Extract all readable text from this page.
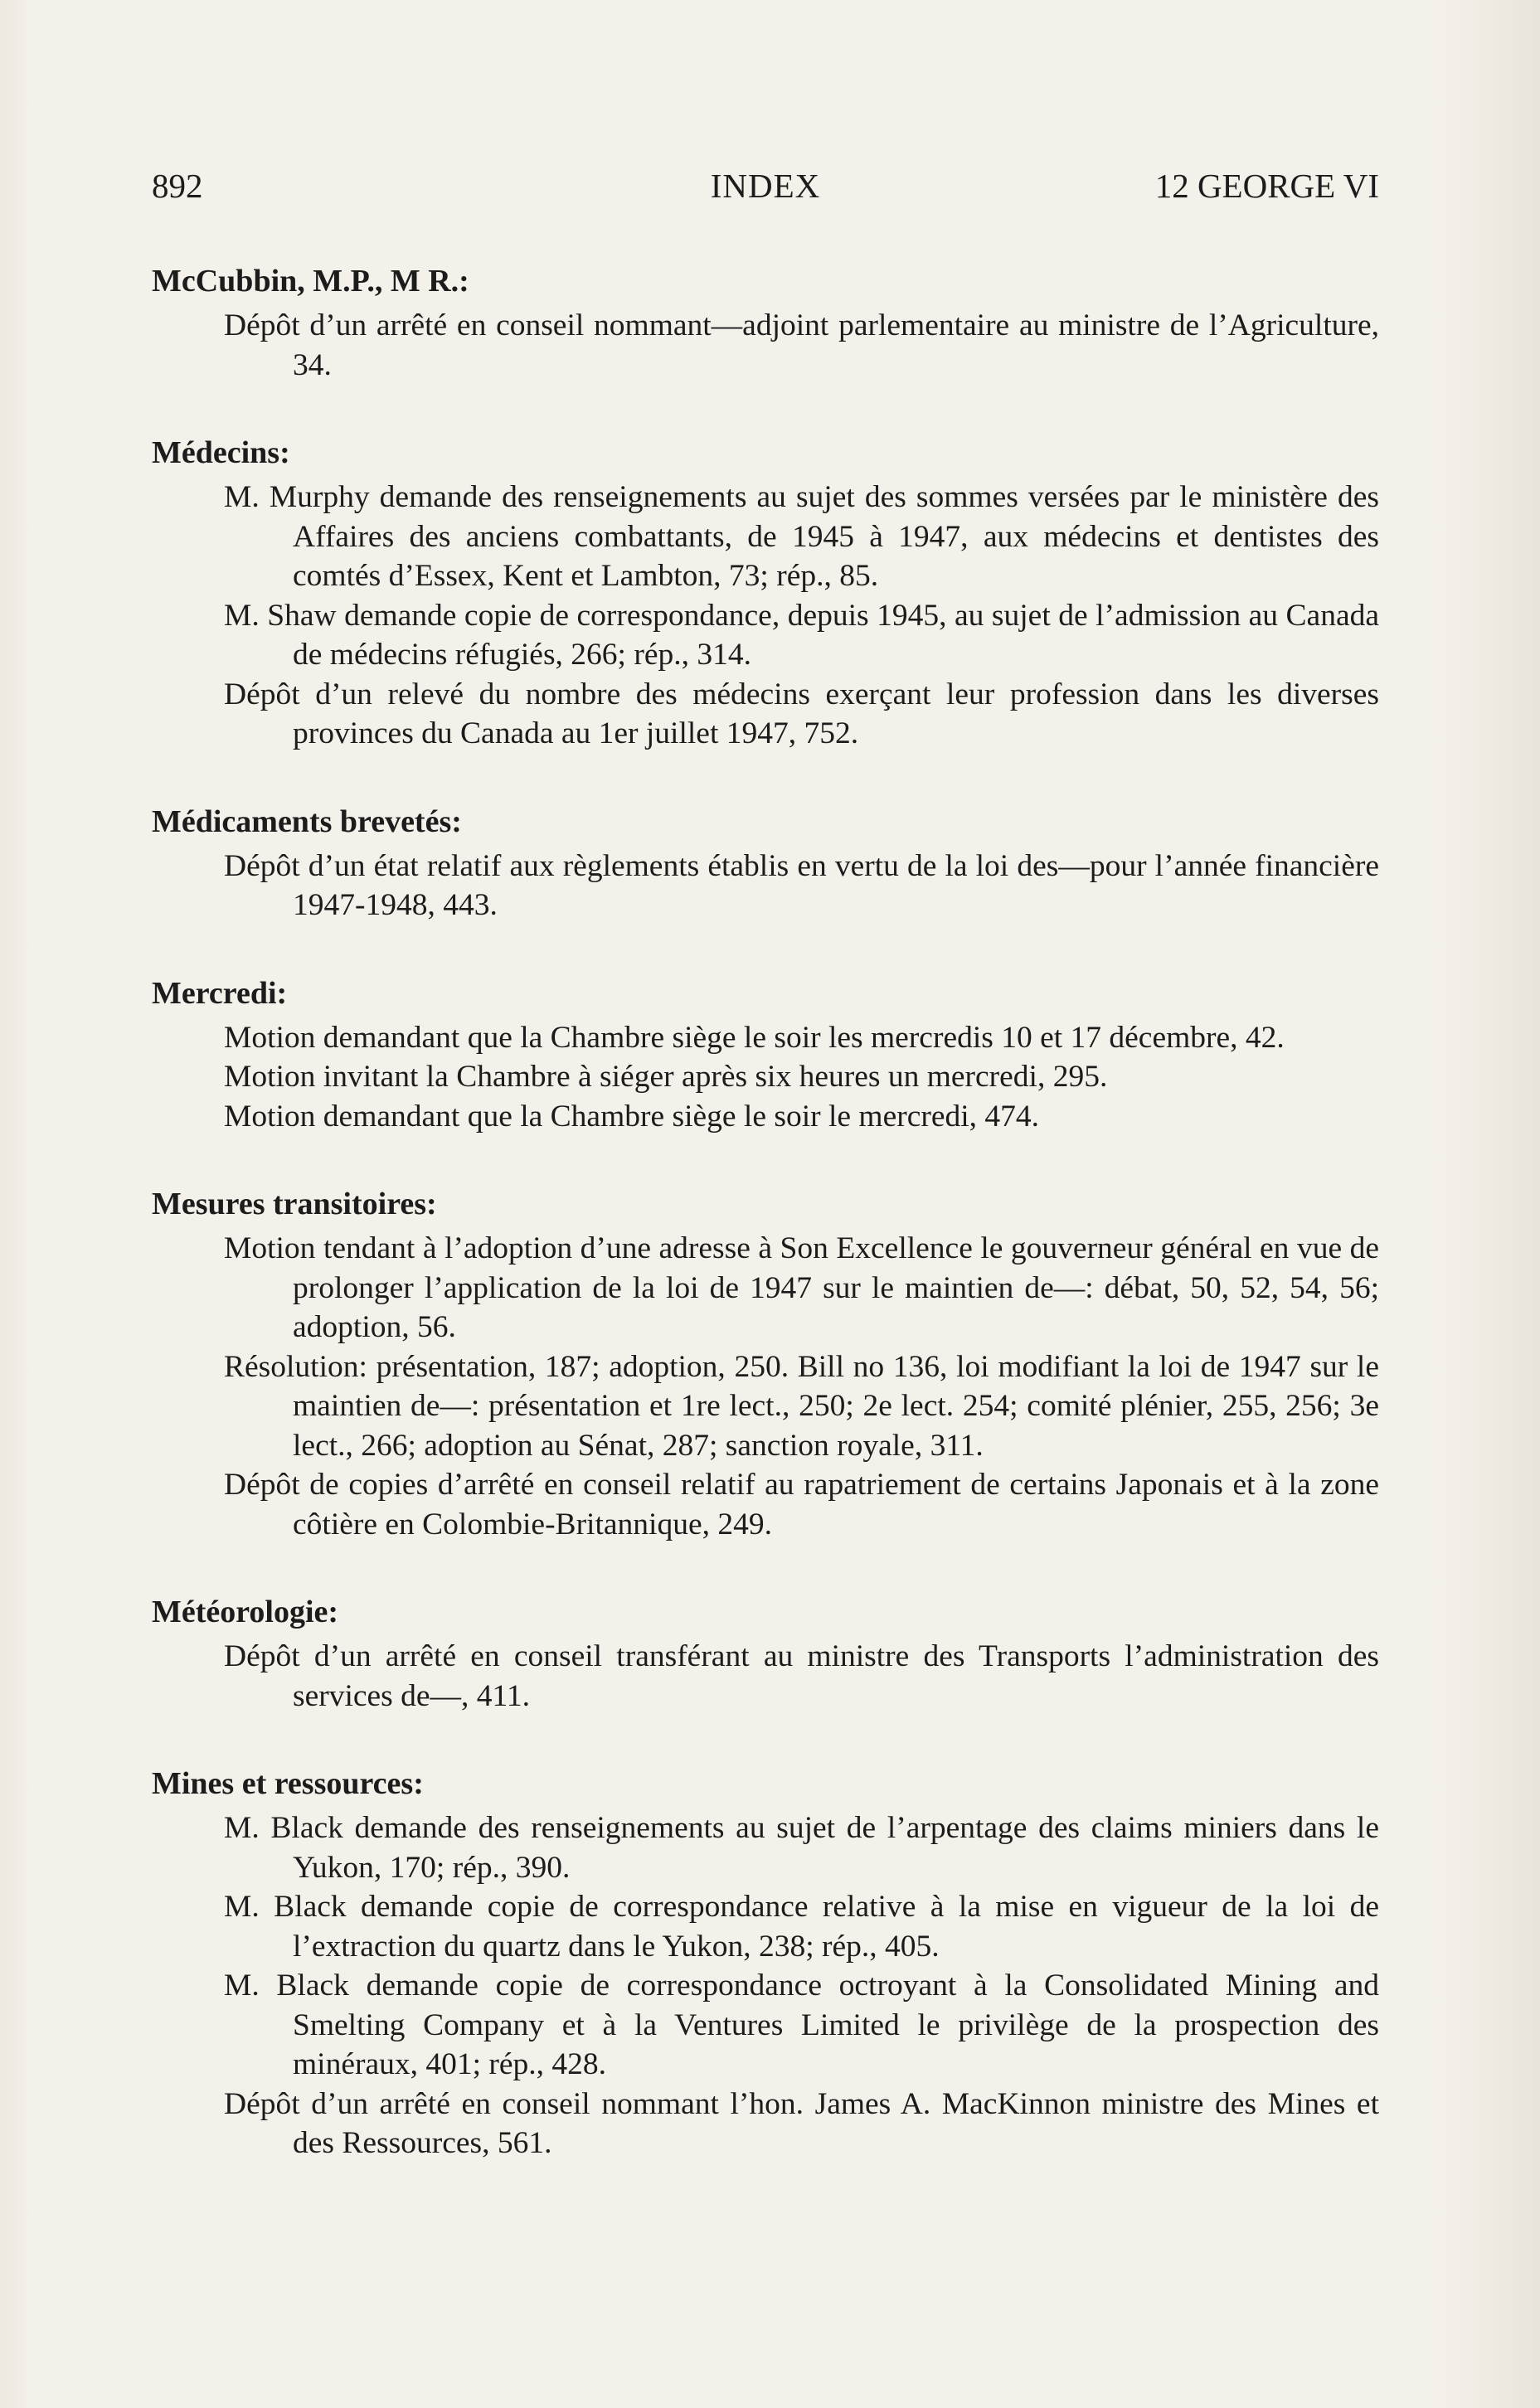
892	INDEX	12 GEORGE VI
McCubbin, M.P., M R.:
Dépôt d’un arrêté en conseil nommant—adjoint parlementaire au ministre de l’Agriculture, 34.
Médecins:
M. Murphy demande des renseignements au sujet des sommes versées par le ministère des Affaires des anciens combattants, de 1945 à 1947, aux médecins et dentistes des comtés d’Essex, Kent et Lambton, 73; rép., 85.
M. Shaw demande copie de correspondance, depuis 1945, au sujet de l’admission au Canada de médecins réfugiés, 266; rép., 314.
Dépôt d’un relevé du nombre des médecins exerçant leur profession dans les diverses provinces du Canada au 1er juillet 1947, 752.
Médicaments brevetés:
Dépôt d’un état relatif aux règlements établis en vertu de la loi des—pour l’année financière 1947-1948, 443.
Mercredi:
Motion demandant que la Chambre siège le soir les mercredis 10 et 17 décembre, 42.
Motion invitant la Chambre à siéger après six heures un mercredi, 295.
Motion demandant que la Chambre siège le soir le mercredi, 474.
Mesures transitoires:
Motion tendant à l’adoption d’une adresse à Son Excellence le gouverneur général en vue de prolonger l’application de la loi de 1947 sur le maintien de—: débat, 50, 52, 54, 56; adoption, 56.
Résolution: présentation, 187; adoption, 250. Bill no 136, loi modifiant la loi de 1947 sur le maintien de—: présentation et 1re lect., 250; 2e lect. 254; comité plénier, 255, 256; 3e lect., 266; adoption au Sénat, 287; sanction royale, 311.
Dépôt de copies d’arrêté en conseil relatif au rapatriement de certains Japonais et à la zone côtière en Colombie-Britannique, 249.
Météorologie:
Dépôt d’un arrêté en conseil transférant au ministre des Transports l’administration des services de—, 411.
Mines et ressources:
M. Black demande des renseignements au sujet de l’arpentage des claims miniers dans le Yukon, 170; rép., 390.
M. Black demande copie de correspondance relative à la mise en vigueur de la loi de l’extraction du quartz dans le Yukon, 238; rép., 405.
M. Black demande copie de correspondance octroyant à la Consolidated Mining and Smelting Company et à la Ventures Limited le privilège de la prospection des minéraux, 401; rép., 428.
Dépôt d’un arrêté en conseil nommant l’hon. James A. MacKinnon ministre des Mines et des Ressources, 561.
